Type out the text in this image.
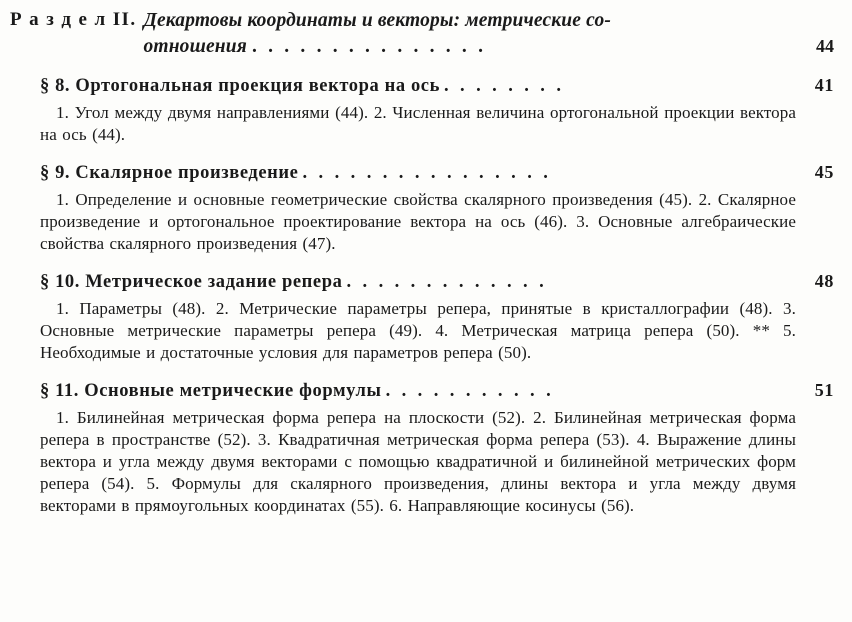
Р а з д е л II. Декартовы координаты и векторы: метрические со-
отношения . . . . . . . . . . . . . . .	44
§ 8. Ортогональная проекция вектора на ось . . . . . . . .	41
1. Угол между двумя направлениями (44). 2. Численная величина ортогональной проекции вектора на ось (44).
§ 9. Скалярное произведение . . . . . . . . . . . . . . . .	45
1. Определение и основные геометрические свойства скалярного произведения (45). 2. Скалярное произведение и ортогональное проектирование вектора на ось (46). 3. Основные алгебраические свойства скалярного произведения (47).
§ 10. Метрическое задание репера . . . . . . . . . . . . .	48
1. Параметры (48). 2. Метрические параметры репера, принятые в кристаллографии (48). 3. Основные метрические параметры репера (49). 4. Метрическая матрица репера (50). ** 5. Необходимые и достаточные условия для параметров репера (50).
§ 11. Основные метрические формулы . . . . . . . . . . .	51
1. Билинейная метрическая форма репера на плоскости (52). 2. Билинейная метрическая форма репера в пространстве (52). 3. Квадратичная метрическая форма репера (53). 4. Выражение длины вектора и угла между двумя векторами с помощью квадратичной и билинейной метрических форм репера (54). 5. Формулы для скалярного произведения, длины вектора и угла между двумя векторами в прямоугольных координатах (55). 6. Направляющие косинусы (56).
